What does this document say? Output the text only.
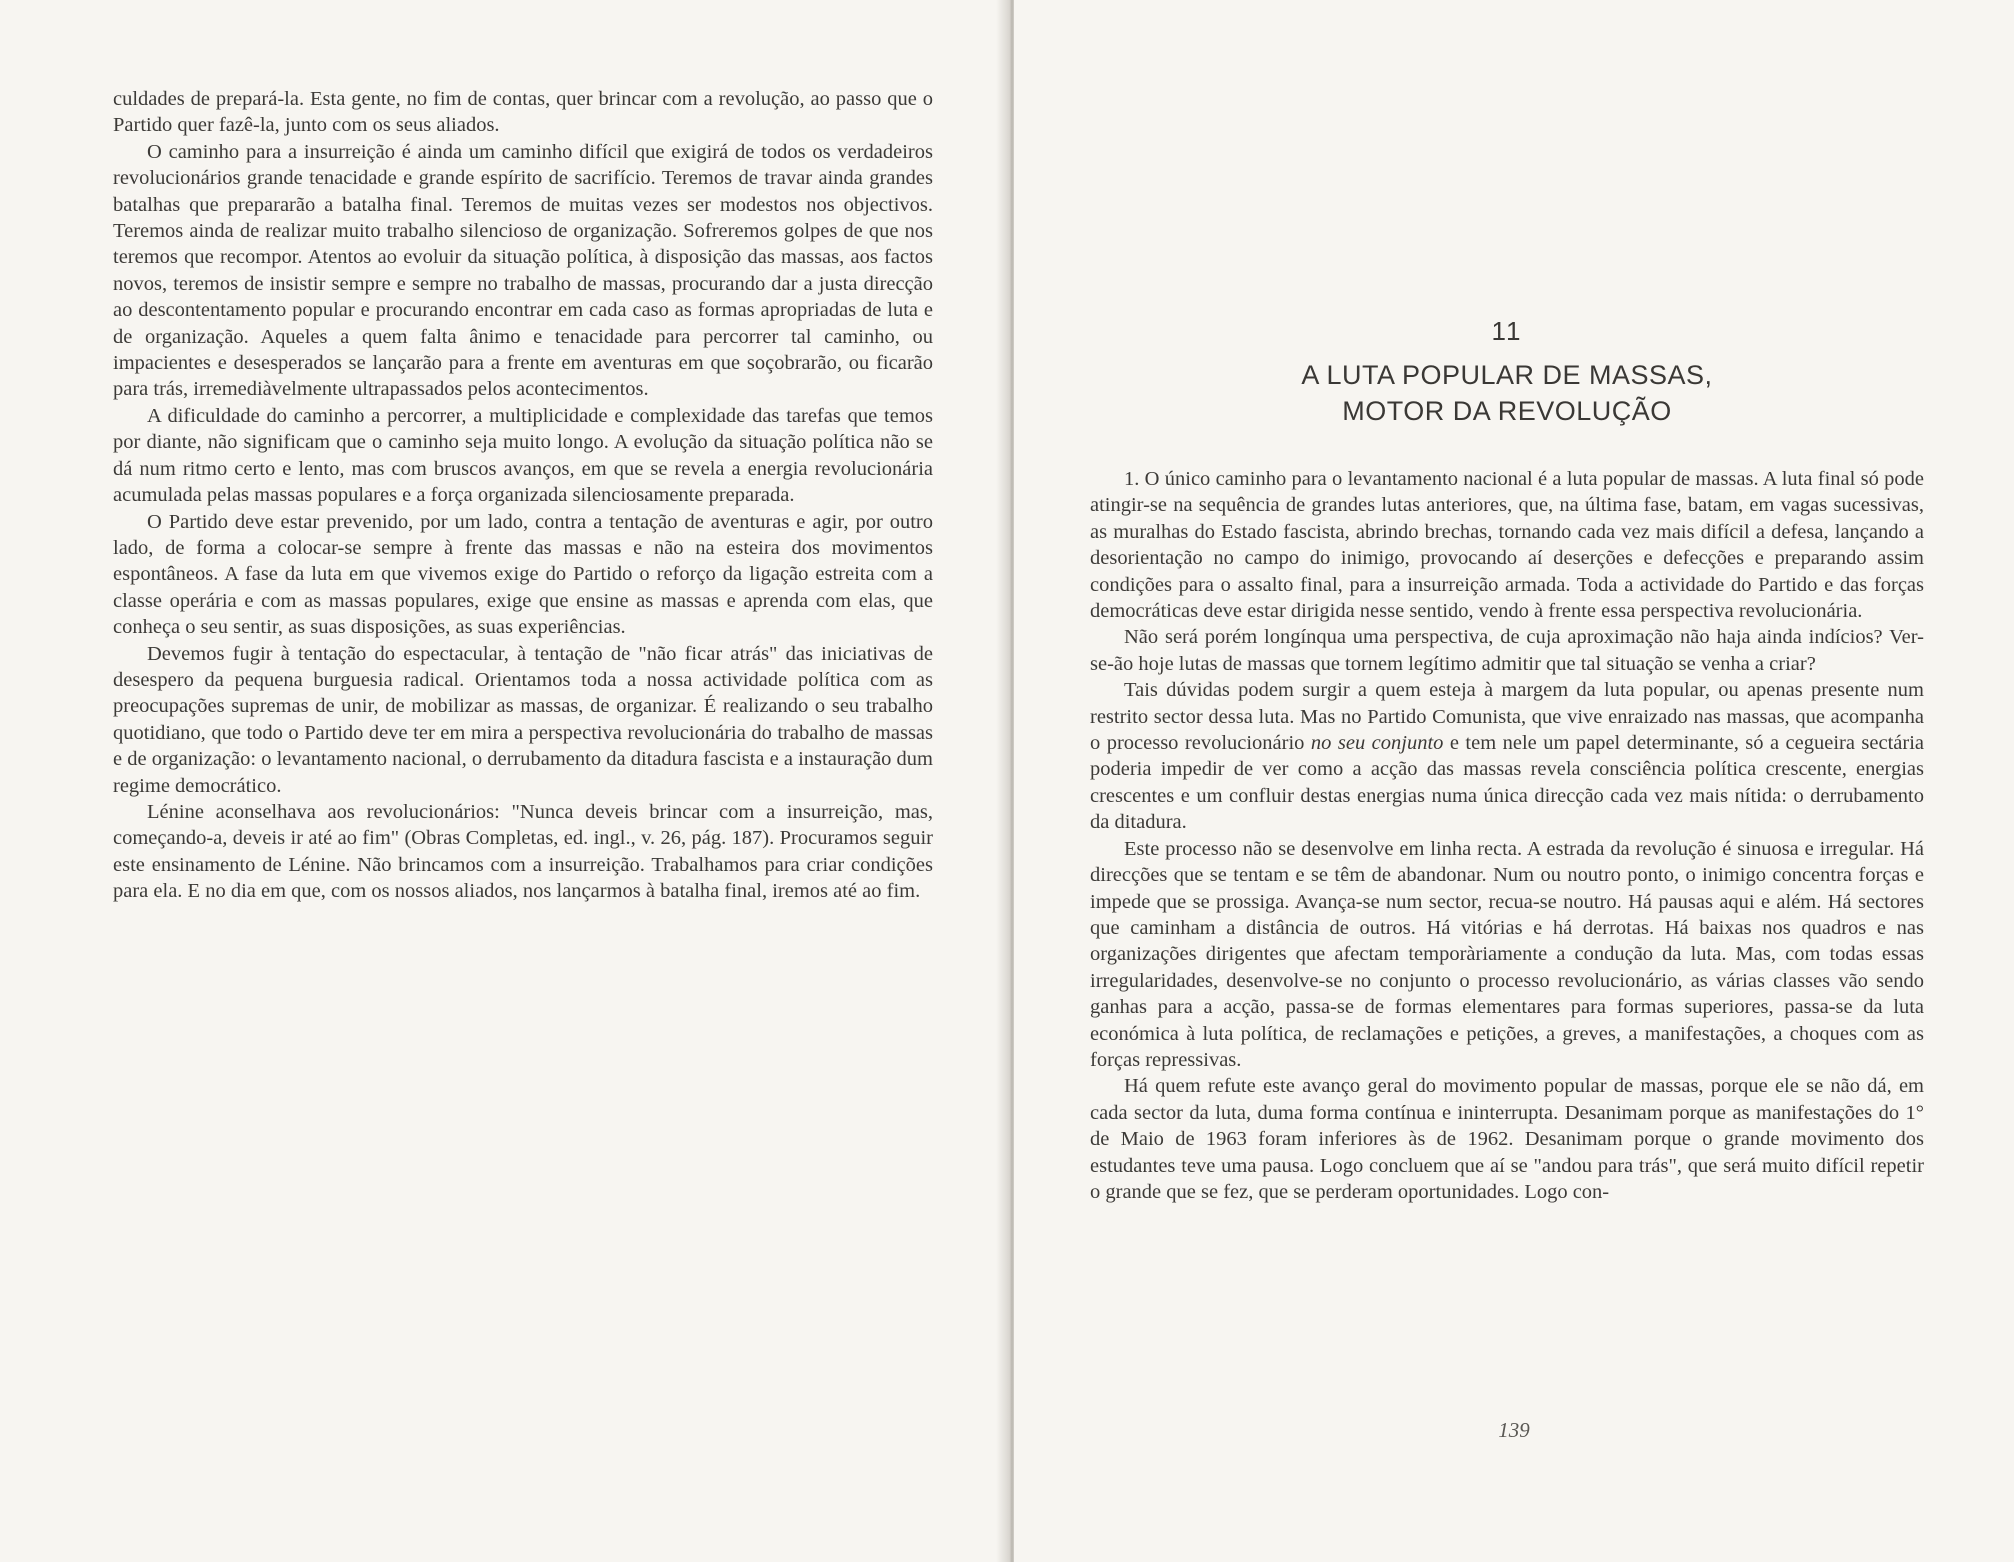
culdades de prepará-la. Esta gente, no fim de contas, quer brincar com a revolução, ao passo que o Partido quer fazê-la, junto com os seus aliados.

O caminho para a insurreição é ainda um caminho difícil que exigirá de todos os verdadeiros revolucionários grande tenacidade e grande espírito de sacrifício. Teremos de travar ainda grandes batalhas que prepararão a batalha final. Teremos de muitas vezes ser modestos nos objectivos. Teremos ainda de realizar muito trabalho silencioso de organização. Sofreremos golpes de que nos teremos que recompor. Atentos ao evoluir da situação política, à disposição das massas, aos factos novos, teremos de insistir sempre e sempre no trabalho de massas, procurando dar a justa direcção ao descontentamento popular e procurando encontrar em cada caso as formas apropriadas de luta e de organização. Aqueles a quem falta ânimo e tenacidade para percorrer tal caminho, ou impacientes e desesperados se lançarão para a frente em aventuras em que soçobrarão, ou ficarão para trás, irremediàvelmente ultrapassados pelos acontecimentos.

A dificuldade do caminho a percorrer, a multiplicidade e complexidade das tarefas que temos por diante, não significam que o caminho seja muito longo. A evolução da situação política não se dá num ritmo certo e lento, mas com bruscos avanços, em que se revela a energia revolucionária acumulada pelas massas populares e a força organizada silenciosamente preparada.

O Partido deve estar prevenido, por um lado, contra a tentação de aventuras e agir, por outro lado, de forma a colocar-se sempre à frente das massas e não na esteira dos movimentos espontâneos. A fase da luta em que vivemos exige do Partido o reforço da ligação estreita com a classe operária e com as massas populares, exige que ensine as massas e aprenda com elas, que conheça o seu sentir, as suas disposições, as suas experiências.

Devemos fugir à tentação do espectacular, à tentação de "não ficar atrás" das iniciativas de desespero da pequena burguesia radical. Orientamos toda a nossa actividade política com as preocupações supremas de unir, de mobilizar as massas, de organizar. É realizando o seu trabalho quotidiano, que todo o Partido deve ter em mira a perspectiva revolucionária do trabalho de massas e de organização: o levantamento nacional, o derrubamento da ditadura fascista e a instauração dum regime democrático.

Lénine aconselhava aos revolucionários: "Nunca deveis brincar com a insurreição, mas, começando-a, deveis ir até ao fim" (Obras Completas, ed. ingl., v. 26, pág. 187). Procuramos seguir este ensinamento de Lénine. Não brincamos com a insurreição. Trabalhamos para criar condições para ela. E no dia em que, com os nossos aliados, nos lançarmos à batalha final, iremos até ao fim.

11
A LUTA POPULAR DE MASSAS,
MOTOR DA REVOLUÇÃO

1. O único caminho para o levantamento nacional é a luta popular de massas. A luta final só pode atingir-se na sequência de grandes lutas anteriores, que, na última fase, batam, em vagas sucessivas, as muralhas do Estado fascista, abrindo brechas, tornando cada vez mais difícil a defesa, lançando a desorientação no campo do inimigo, provocando aí deserções e defecções e preparando assim condições para o assalto final, para a insurreição armada. Toda a actividade do Partido e das forças democráticas deve estar dirigida nesse sentido, vendo à frente essa perspectiva revolucionária.

Não será porém longínqua uma perspectiva, de cuja aproximação não haja ainda indícios? Ver-se-ão hoje lutas de massas que tornem legítimo admitir que tal situação se venha a criar?

Tais dúvidas podem surgir a quem esteja à margem da luta popular, ou apenas presente num restrito sector dessa luta. Mas no Partido Comunista, que vive enraizado nas massas, que acompanha o processo revolucionário no seu conjunto e tem nele um papel determinante, só a cegueira sectária poderia impedir de ver como a acção das massas revela consciência política crescente, energias crescentes e um confluir destas energias numa única direcção cada vez mais nítida: o derrubamento da ditadura.

Este processo não se desenvolve em linha recta. A estrada da revolução é sinuosa e irregular. Há direcções que se tentam e se têm de abandonar. Num ou noutro ponto, o inimigo concentra forças e impede que se prossiga. Avança-se num sector, recua-se noutro. Há pausas aqui e além. Há sectores que caminham a distância de outros. Há vitórias e há derrotas. Há baixas nos quadros e nas organizações dirigentes que afectam temporàriamente a condução da luta. Mas, com todas essas irregularidades, desenvolve-se no conjunto o processo revolucionário, as várias classes vão sendo ganhas para a acção, passa-se de formas elementares para formas superiores, passa-se da luta económica à luta política, de reclamações e petições, a greves, a manifestações, a choques com as forças repressivas.

Há quem refute este avanço geral do movimento popular de massas, porque ele se não dá, em cada sector da luta, duma forma contínua e ininterrupta. Desanimam porque as manifestações do 1° de Maio de 1963 foram inferiores às de 1962. Desanimam porque o grande movimento dos estudantes teve uma pausa. Logo concluem que aí se "andou para trás", que será muito difícil repetir o grande que se fez, que se perderam oportunidades. Logo con-

139
